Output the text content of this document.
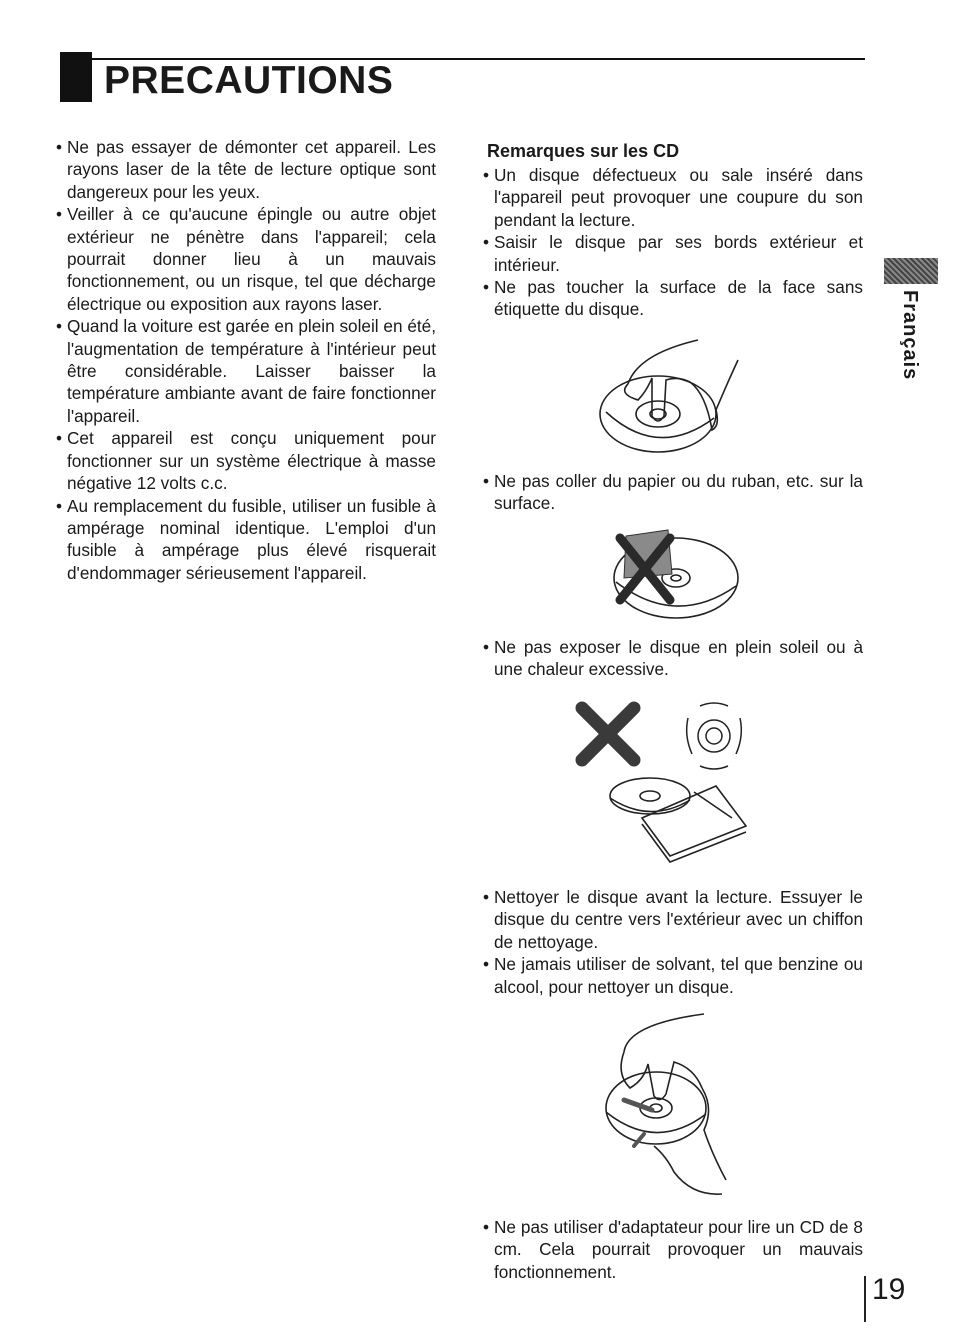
PRECAUTIONS
• Ne pas essayer de démonter cet appareil. Les rayons laser de la tête de lecture optique sont dangereux pour les yeux.
• Veiller à ce qu'aucune épingle ou autre objet extérieur ne pénètre dans l'appareil; cela pourrait donner lieu à un mauvais fonctionnement, ou un risque, tel que décharge électrique ou exposition aux rayons laser.
• Quand la voiture est garée en plein soleil en été, l'augmentation de température à l'intérieur peut être considérable. Laisser baisser la température ambiante avant de faire fonctionner l'appareil.
• Cet appareil est conçu uniquement pour fonctionner sur un système électrique à masse négative 12 volts c.c.
• Au remplacement du fusible, utiliser un fusible à ampérage nominal identique. L'emploi d'un fusible à ampérage plus élevé risquerait d'endommager sérieusement l'appareil.
Remarques sur les CD
• Un disque défectueux ou sale inséré dans l'appareil peut provoquer une coupure du son pendant la lecture.
• Saisir le disque par ses bords extérieur et intérieur.
• Ne pas toucher la surface de la face sans étiquette du disque.
• Ne pas coller du papier ou du ruban, etc. sur la surface.
• Ne pas exposer le disque en plein soleil ou à une chaleur excessive.
• Nettoyer le disque avant la lecture. Essuyer le disque du centre vers l'extérieur avec un chiffon de nettoyage.
• Ne jamais utiliser de solvant, tel que benzine ou alcool, pour nettoyer un disque.
• Ne pas utiliser d'adaptateur pour lire un CD de 8 cm. Cela pourrait provoquer un mauvais fonctionnement.
Français
19
